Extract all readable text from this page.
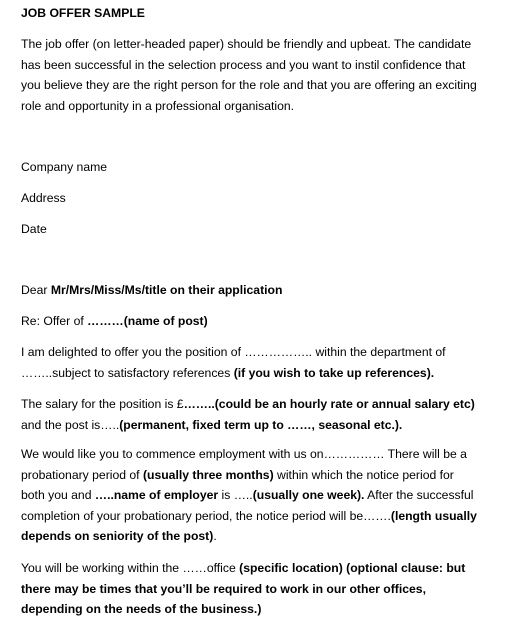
JOB OFFER SAMPLE
The job offer (on letter-headed paper) should be friendly and upbeat. The candidate
has been successful in the selection process and you want to instil confidence that
you believe they are the right person for the role and that you are offering an exciting
role and opportunity in a professional organisation.
Company name
Address
Date
Dear Mr/Mrs/Miss/Ms/title on their application
Re: Offer of ………(name of post)
I am delighted to offer you the position of …………….. within the department of
……..subject to satisfactory references (if you wish to take up references).
The salary for the position is £……..(could be an hourly rate or annual salary etc)
and the post is…..(permanent, fixed term up to ……, seasonal etc.).
We would like you to commence employment with us on…………… There will be a
probationary period of (usually three months) within which the notice period for
both you and …..name of employer is …..(usually one week). After the successful
completion of your probationary period, the notice period will be…….(length usually
depends on seniority of the post).
You will be working within the ……office (specific location) (optional clause: but
there may be times that you’ll be required to work in our other offices,
depending on the needs of the business.)
